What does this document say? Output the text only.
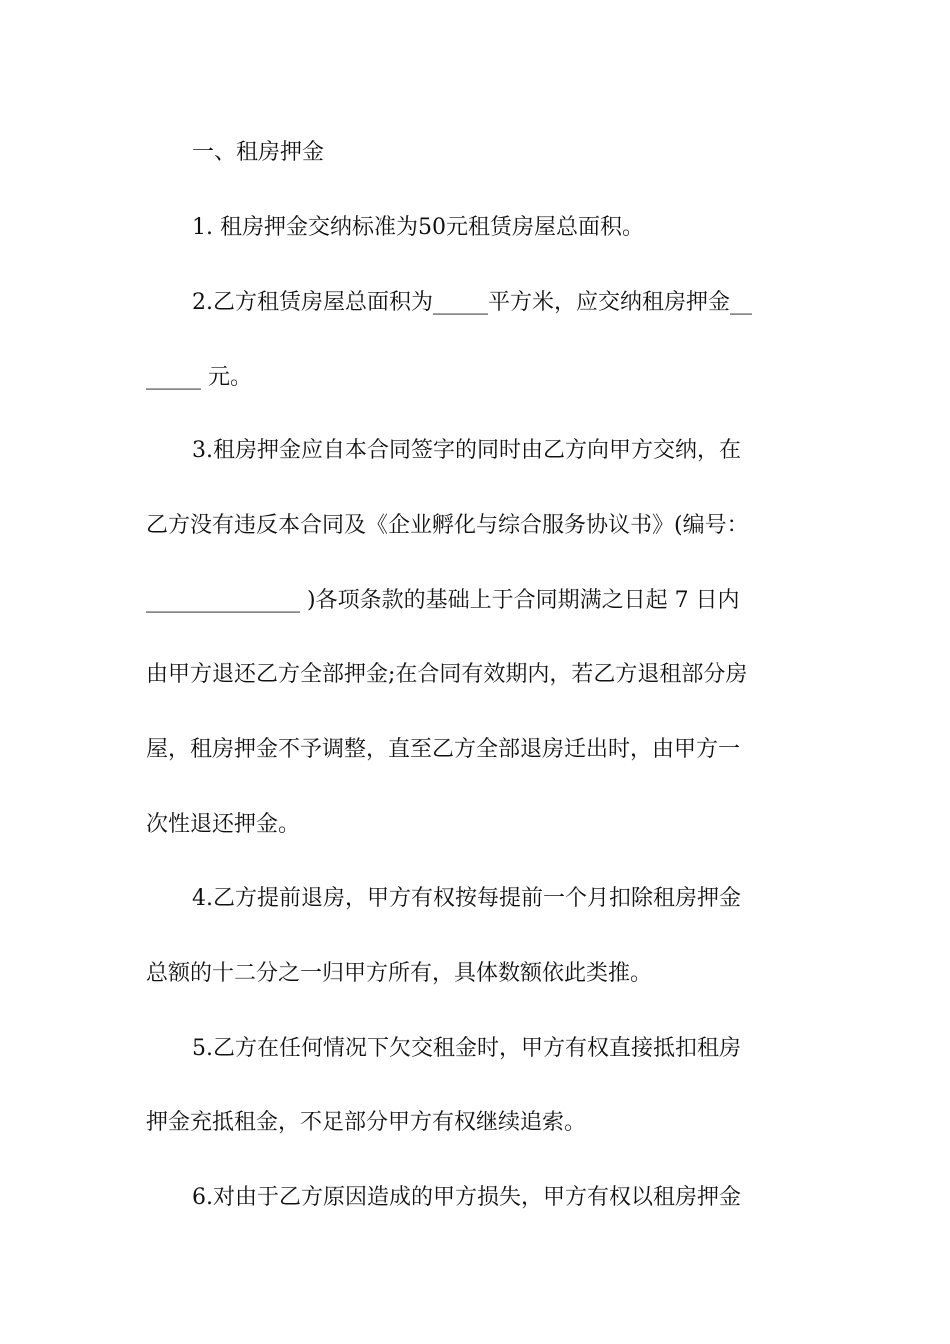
一、租房押金
1. 租房押金交纳标准为50元租赁房屋总面积。
2.乙方租赁房屋总面积为_____平方米，应交纳租房押金__
_____ 元。
3.租房押金应自本合同签字的同时由乙方向甲方交纳，在
乙方没有违反本合同及《企业孵化与综合服务协议书》(编号：
______________ )各项条款的基础上于合同期满之日起 7 日内
由甲方退还乙方全部押金;在合同有效期内，若乙方退租部分房
屋，租房押金不予调整，直至乙方全部退房迁出时，由甲方一
次性退还押金。
4.乙方提前退房，甲方有权按每提前一个月扣除租房押金
总额的十二分之一归甲方所有，具体数额依此类推。
5.乙方在任何情况下欠交租金时，甲方有权直接抵扣租房
押金充抵租金，不足部分甲方有权继续追索。
6.对由于乙方原因造成的甲方损失，甲方有权以租房押金
